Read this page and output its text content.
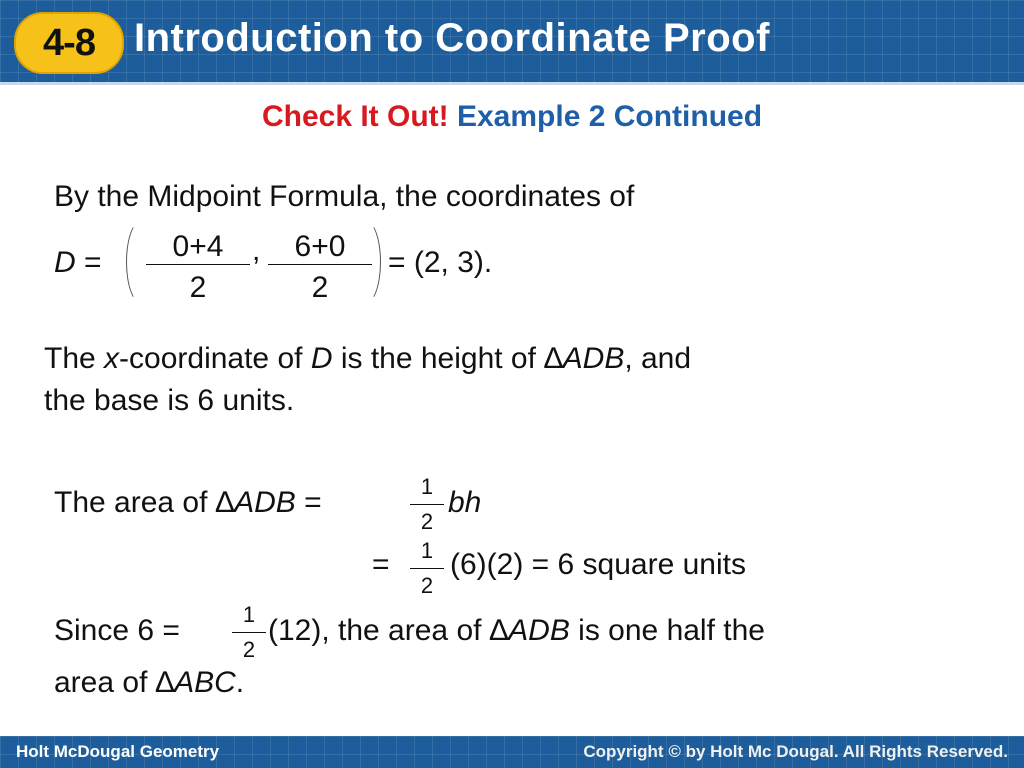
4-8 Introduction to Coordinate Proof
Check It Out! Example 2 Continued
By the Midpoint Formula, the coordinates of
D =	0+4
2
,	6+0
2
= (2, 3).
The x-coordinate of D is the height of ∆ADB, and
the base is 6 units.
The area of ∆ADB =	1
2
bh
=	1
2
(6)(2) = 6 square units
Since 6 =	1
2
(12), the area of ∆ADB is one half the
area of ∆ABC.
Holt McDougal Geometry	Copyright © by Holt Mc Dougal. All Rights Reserved.
